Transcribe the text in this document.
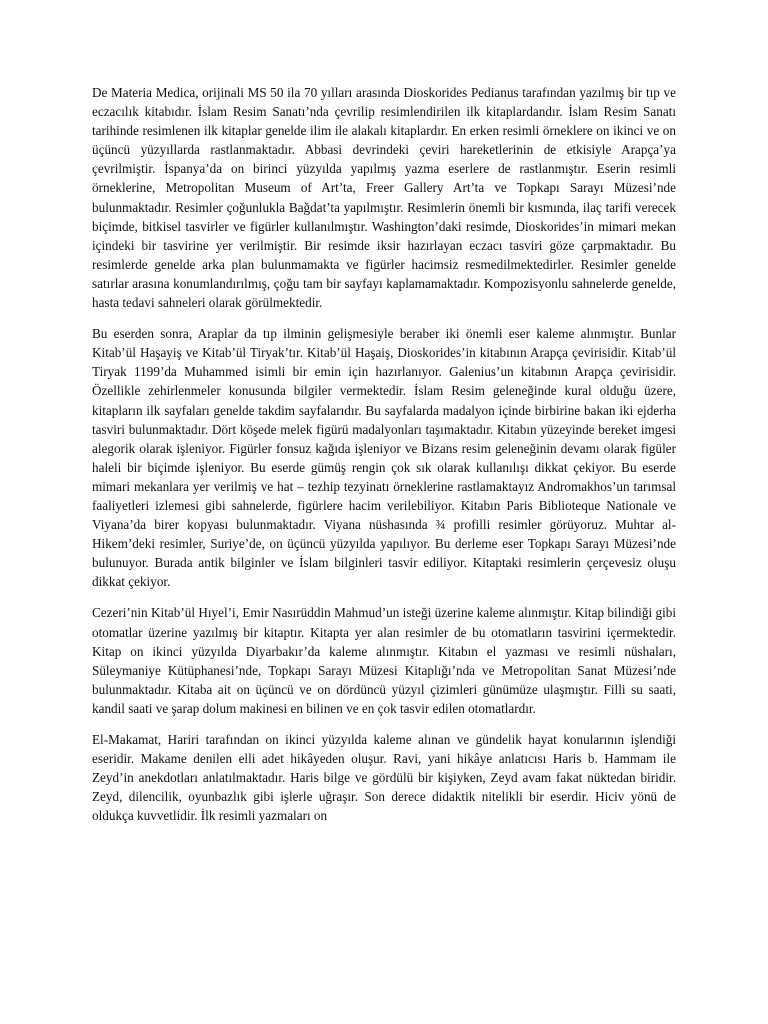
De Materia Medica, orijinali MS 50 ila 70 yılları arasında Dioskorides Pedianus tarafından yazılmış bir tıp ve eczacılık kitabıdır. İslam Resim Sanatı’nda çevrilip resimlendirilen ilk kitaplardandır. İslam Resim Sanatı tarihinde resimlenen ilk kitaplar genelde ilim ile alakalı kitaplardır. En erken resimli örneklere on ikinci ve on üçüncü yüzyıllarda rastlanmaktadır. Abbasi devrindeki çeviri hareketlerinin de etkisiyle Arapça’ya çevrilmiştir. İspanya’da on birinci yüzyılda yapılmış yazma eserlere de rastlanmıştır. Eserin resimli örneklerine, Metropolitan Museum of Art’ta, Freer Gallery Art’ta ve Topkapı Sarayı Müzesi’nde bulunmaktadır. Resimler çoğunlukla Bağdat’ta yapılmıştır. Resimlerin önemli bir kısmında, ilaç tarifi verecek biçimde, bitkisel tasvirler ve figürler kullanılmıştır. Washington’daki resimde, Dioskorides’in mimari mekan içindeki bir tasvirine yer verilmiştir. Bir resimde iksir hazırlayan eczacı tasviri göze çarpmaktadır. Bu resimlerde genelde arka plan bulunmamakta ve figürler hacimsiz resmedilmektedirler. Resimler genelde satırlar arasına konumlandırılmış, çoğu tam bir sayfayı kaplamamaktadır. Kompozisyonlu sahnelerde genelde, hasta tedavi sahneleri olarak görülmektedir.

Bu eserden sonra, Araplar da tıp ilminin gelişmesiyle beraber iki önemli eser kaleme alınmıştır. Bunlar Kitab’ül Haşayiş ve Kitab’ül Tiryak’tır. Kitab’ül Haşaiş, Dioskorides’in kitabının Arapça çevirisidir. Kitab’ül Tiryak 1199’da Muhammed isimli bir emin için hazırlanıyor. Galenius’un kitabının Arapça çevirisidir. Özellikle zehirlenmeler konusunda bilgiler vermektedir. İslam Resim geleneğinde kural olduğu üzere, kitapların ilk sayfaları genelde takdim sayfalarıdır. Bu sayfalarda madalyon içinde birbirine bakan iki ejderha tasviri bulunmaktadır. Dört köşede melek figürü madalyonları taşımaktadır. Kitabın yüzeyinde bereket imgesi alegorik olarak işleniyor. Figürler fonsuz kağıda işleniyor ve Bizans resim geleneğinin devamı olarak figüler haleli bir biçimde işleniyor. Bu eserde gümüş rengin çok sık olarak kullanılışı dikkat çekiyor. Bu eserde mimari mekanlara yer verilmiş ve hat – tezhip tezyinatı örneklerine rastlamaktayız Andromakhos’un tarımsal faaliyetleri izlemesi gibi sahnelerde, figürlere hacim verilebiliyor. Kitabın Paris Biblioteque Nationale ve Viyana’da birer kopyası bulunmaktadır. Viyana nüshasında ¾ profilli resimler görüyoruz. Muhtar al-Hikem’deki resimler, Suriye’de, on üçüncü yüzyılda yapılıyor. Bu derleme eser Topkapı Sarayı Müzesi’nde bulunuyor. Burada antik bilginler ve İslam bilginleri tasvir ediliyor. Kitaptaki resimlerin çerçevesiz oluşu dikkat çekiyor.

Cezeri’nin Kitab’ül Hıyel’i, Emir Nasırüddin Mahmud’un isteği üzerine kaleme alınmıştır. Kitap bilindiği gibi otomatlar üzerine yazılmış bir kitaptır. Kitapta yer alan resimler de bu otomatların tasvirini içermektedir. Kitap on ikinci yüzyılda Diyarbakır’da kaleme alınmıştır. Kitabın el yazması ve resimli nüshaları, Süleymaniye Kütüphanesi’nde, Topkapı Sarayı Müzesi Kitaplığı’nda ve Metropolitan Sanat Müzesi’nde bulunmaktadır. Kitaba ait on üçüncü ve on dördüncü yüzyıl çizimleri günümüze ulaşmıştır. Filli su saati, kandil saati ve şarap dolum makinesi en bilinen ve en çok tasvir edilen otomatlardır.

El-Makamat, Hariri tarafından on ikinci yüzyılda kaleme alınan ve gündelik hayat konularının işlendiği eseridir. Makame denilen elli adet hikâyeden oluşur. Ravi, yani hikâye anlatıcısı Haris b. Hammam ile Zeyd’in anekdotları anlatılmaktadır. Haris bilge ve gördülü bir kişiyken, Zeyd avam fakat nüktedan biridir. Zeyd, dilencilik, oyunbazlık gibi işlerle uğraşır. Son derece didaktik nitelikli bir eserdir. Hiciv yönü de oldukça kuvvetlidir. İlk resimli yazmaları on
